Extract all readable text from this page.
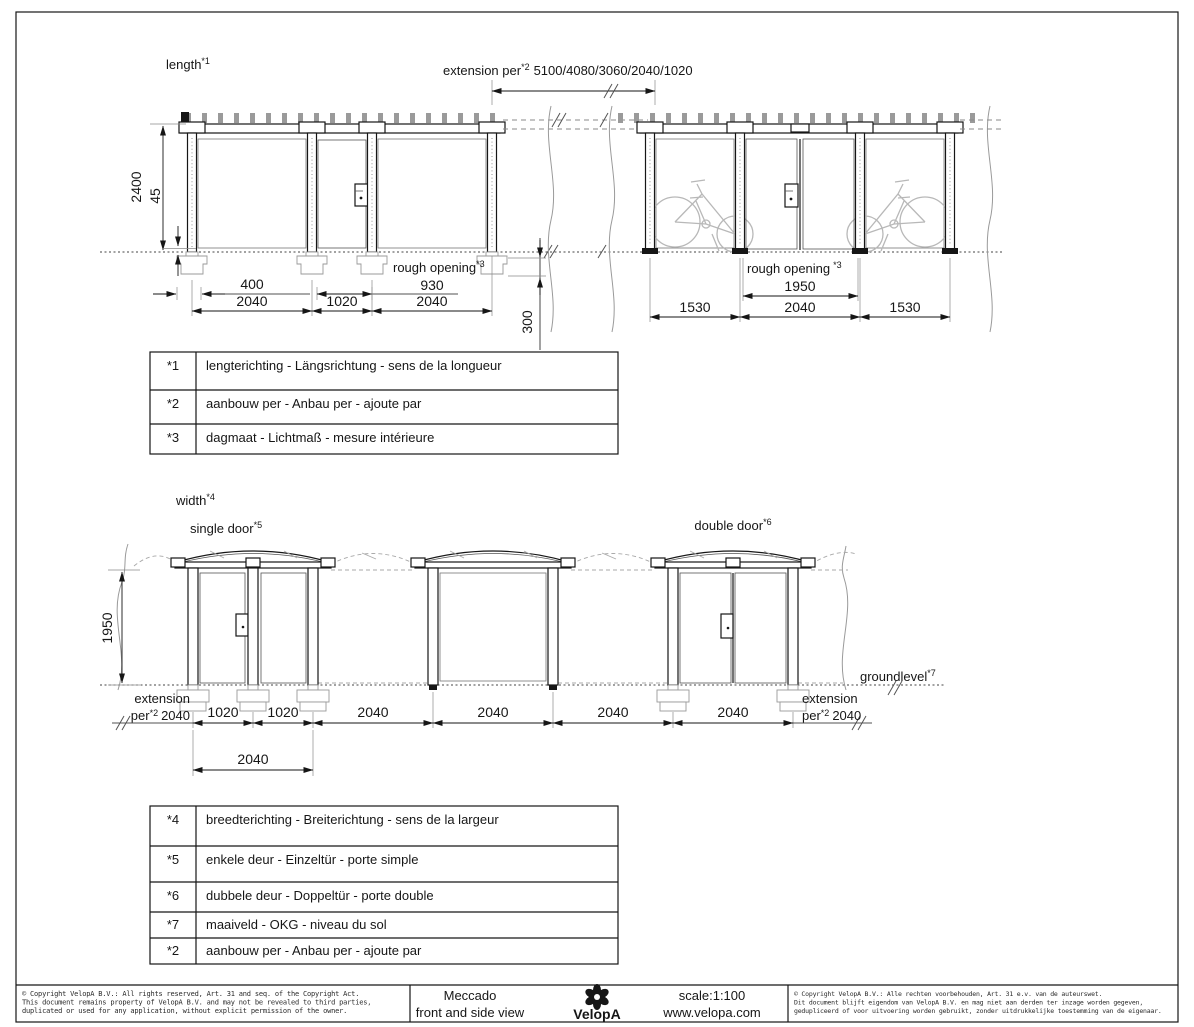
length$^{*1}$
extension per$^{*2}$ 5100/4080/3060/2040/1020
2400 45
rough opening$^{*3}$
930
400
2040	1020	2040
300
rough opening $^{*3}$
1950
1530	2040	1530
*1 lengterichting - Längsrichtung - sens de la longueur
*2 aanbouw per - Anbau per - ajoute par
*3 dagmaat - Lichtmaß - mesure intérieure
width$^{*4}$
single door$^{*5}$	double door$^{*6}$
groundlevel$^{*7}$
1950
1020 1020	2040	2040	2040	2040
extension
per$^{*2}$ 2040
extension
per$^{*2}$ 2040
2040
*4 breedterichting - Breiterichtung - sens de la largeur
*5 enkele deur - Einzeltür - porte simple
*6 dubbele deur - Doppeltür - porte double
*7 maaiveld - OKG - niveau du sol
*2 aanbouw per - Anbau per - ajoute par
© Copyright VelopA B.V.: All rights reserved, Art. 31 and seq. of the Copyright Act.
This document remains property of VelopA B.V. and may not be revealed to third parties,
duplicated or used for any application, without explicit permission of the owner.
Meccado
front and side view	VelopA
scale:1:100
www.velopa.com
© Copyright VelopA B.V.: Alle rechten voorbehouden, Art. 31 e.v. van de auteurswet.
Dit document blijft eigendom van VelopA B.V. en mag niet aan derden ter inzage worden gegeven,
gedupliceerd of voor uitvoering worden gebruikt, zonder uitdrukkelijke toestemming van de eigenaar.
